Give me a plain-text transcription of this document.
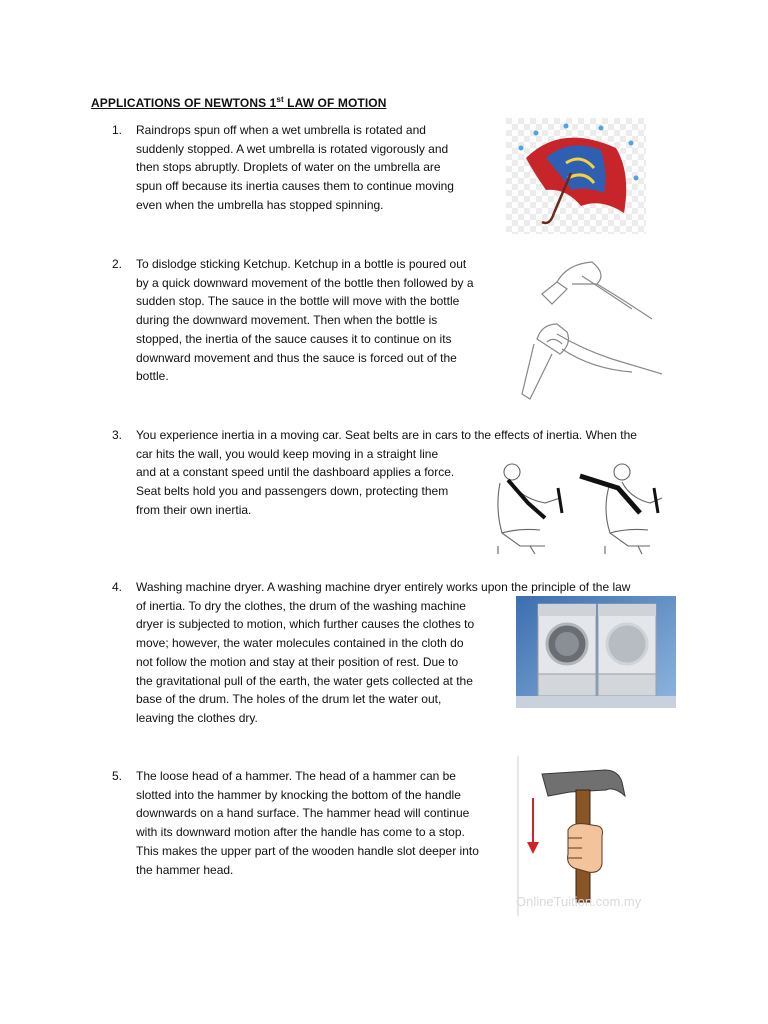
APPLICATIONS OF NEWTONS 1st LAW OF MOTION
1. Raindrops spun off when a wet umbrella is rotated and
suddenly stopped. A wet umbrella is rotated vigorously and
then stops abruptly. Droplets of water on the umbrella are
spun off because its inertia causes them to continue moving
even when the umbrella has stopped spinning.
2. To dislodge sticking Ketchup. Ketchup in a bottle is poured out
by a quick downward movement of the bottle then followed by a
sudden stop. The sauce in the bottle will move with the bottle
during the downward movement. Then when the bottle is
stopped, the inertia of the sauce causes it to continue on its
downward movement and thus the sauce is forced out of the
bottle.
3. You experience inertia in a moving car. Seat belts are in cars to the effects of inertia. When the
car hits the wall, you would keep moving in a straight line
and at a constant speed until the dashboard applies a force.
Seat belts hold you and passengers down, protecting them
from their own inertia.
4. Washing machine dryer. A washing machine dryer entirely works upon the principle of the law
of inertia. To dry the clothes, the drum of the washing machine
dryer is subjected to motion, which further causes the clothes to
move; however, the water molecules contained in the cloth do
not follow the motion and stay at their position of rest. Due to
the gravitational pull of the earth, the water gets collected at the
base of the drum. The holes of the drum let the water out,
leaving the clothes dry.
5. The loose head of a hammer. The head of a hammer can be
slotted into the hammer by knocking the bottom of the handle
downwards on a hand surface. The hammer head will continue
with its downward motion after the handle has come to a stop.
This makes the upper part of the wooden handle slot deeper into
the hammer head.
OnlineTuition.com.my
